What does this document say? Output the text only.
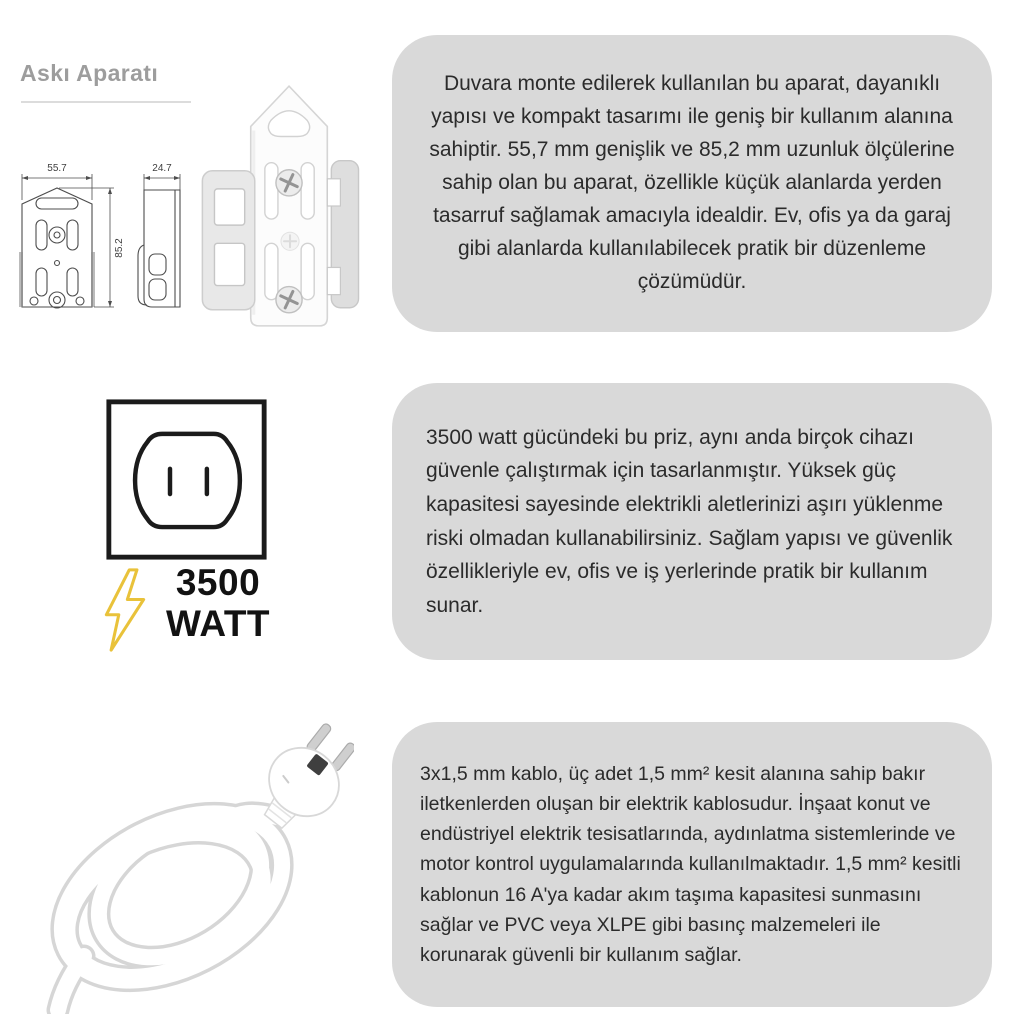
Askı Aparatı
55.7
85.2
24.7

Duvara monte edilerek kullanılan bu aparat, dayanıklı yapısı ve kompakt tasarımı ile geniş bir kullanım alanına sahiptir. 55,7 mm genişlik ve 85,2 mm uzunluk ölçülerine sahip olan bu aparat, özellikle küçük alanlarda yerden tasarruf sağlamak amacıyla idealdir. Ev, ofis ya da garaj gibi alanlarda kullanılabilecek pratik bir düzenleme çözümüdür.

3500
WATT

3500 watt gücündeki bu priz, aynı anda birçok cihazı güvenle çalıştırmak için tasarlanmıştır. Yüksek güç kapasitesi sayesinde elektrikli aletlerinizi aşırı yüklenme riski olmadan kullanabilirsiniz. Sağlam yapısı ve güvenlik özellikleriyle ev, ofis ve iş yerlerinde pratik bir kullanım sunar.

3x1,5 mm kablo, üç adet 1,5 mm² kesit alanına sahip bakır iletkenlerden oluşan bir elektrik kablosudur. İnşaat konut ve endüstriyel elektrik tesisatlarında, aydınlatma sistemlerinde ve motor kontrol uygulamalarında kullanılmaktadır. 1,5 mm² kesitli kablonun 16 A'ya kadar akım taşıma kapasitesi sunmasını sağlar ve PVC veya XLPE gibi basınç malzemeleri ile korunarak güvenli bir kullanım sağlar.
